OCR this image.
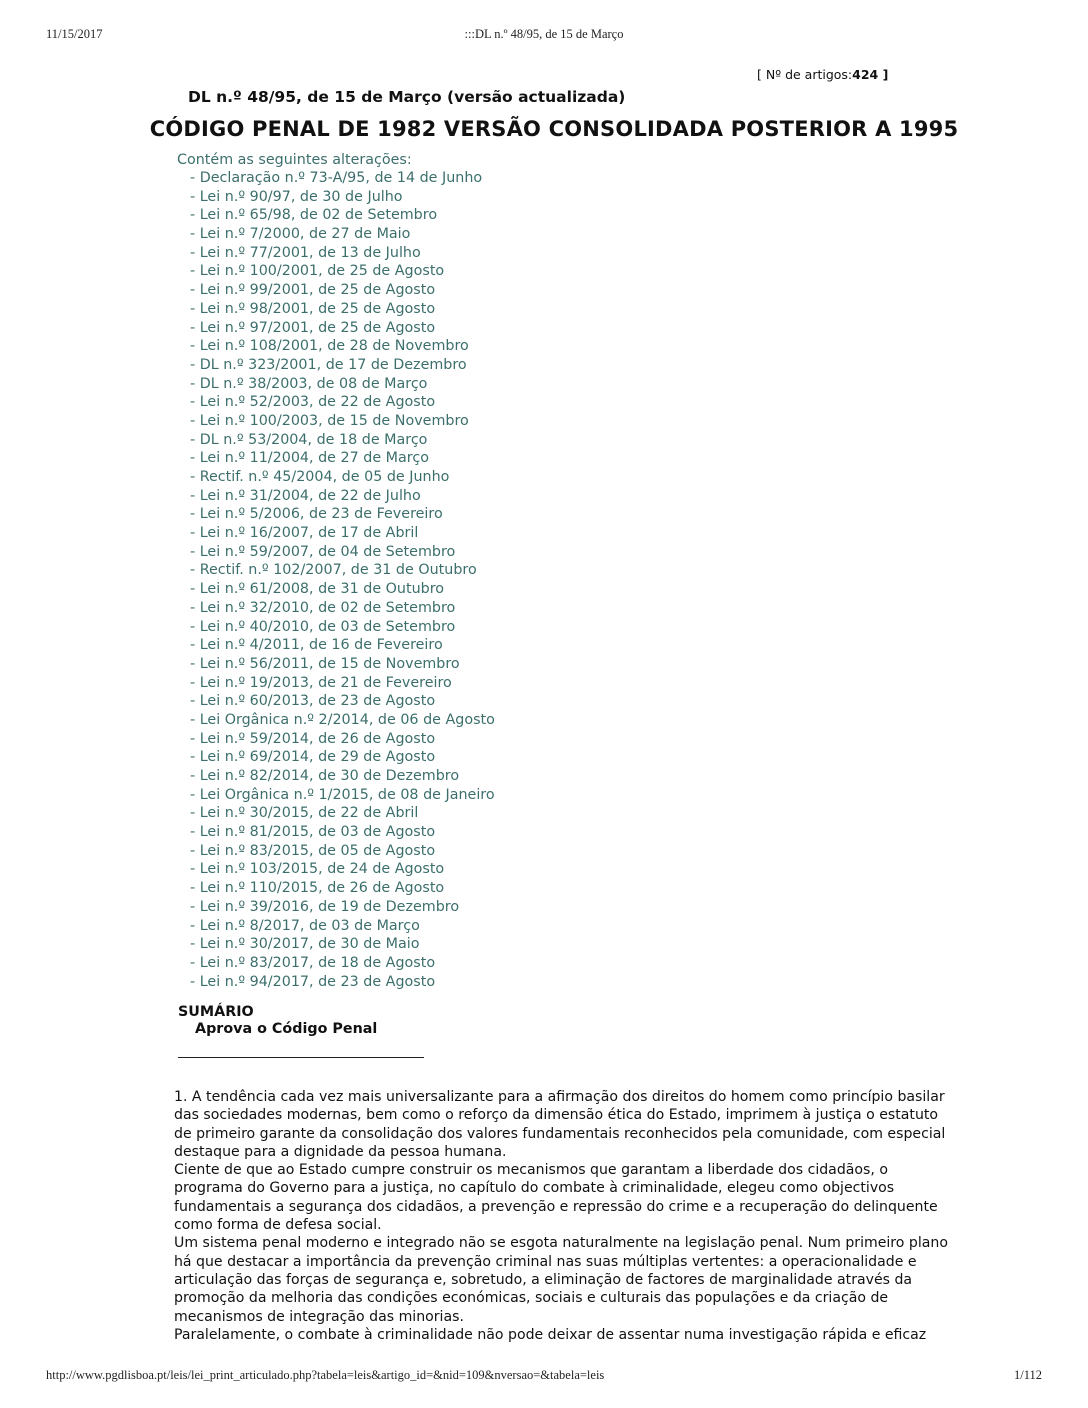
11/15/2017	:::DL n.º 48/95, de 15 de Março
[ Nº de artigos:424 ]
DL n.º 48/95, de 15 de Março (versão actualizada)
CÓDIGO PENAL DE 1982 VERSÃO CONSOLIDADA POSTERIOR A 1995
Contém as seguintes alterações:
- Declaração n.º 73-A/95, de 14 de Junho
- Lei n.º 90/97, de 30 de Julho
- Lei n.º 65/98, de 02 de Setembro
- Lei n.º 7/2000, de 27 de Maio
- Lei n.º 77/2001, de 13 de Julho
- Lei n.º 100/2001, de 25 de Agosto
- Lei n.º 99/2001, de 25 de Agosto
- Lei n.º 98/2001, de 25 de Agosto
- Lei n.º 97/2001, de 25 de Agosto
- Lei n.º 108/2001, de 28 de Novembro
- DL n.º 323/2001, de 17 de Dezembro
- DL n.º 38/2003, de 08 de Março
- Lei n.º 52/2003, de 22 de Agosto
- Lei n.º 100/2003, de 15 de Novembro
- DL n.º 53/2004, de 18 de Março
- Lei n.º 11/2004, de 27 de Março
- Rectif. n.º 45/2004, de 05 de Junho
- Lei n.º 31/2004, de 22 de Julho
- Lei n.º 5/2006, de 23 de Fevereiro
- Lei n.º 16/2007, de 17 de Abril
- Lei n.º 59/2007, de 04 de Setembro
- Rectif. n.º 102/2007, de 31 de Outubro
- Lei n.º 61/2008, de 31 de Outubro
- Lei n.º 32/2010, de 02 de Setembro
- Lei n.º 40/2010, de 03 de Setembro
- Lei n.º 4/2011, de 16 de Fevereiro
- Lei n.º 56/2011, de 15 de Novembro
- Lei n.º 19/2013, de 21 de Fevereiro
- Lei n.º 60/2013, de 23 de Agosto
- Lei Orgânica n.º 2/2014, de 06 de Agosto
- Lei n.º 59/2014, de 26 de Agosto
- Lei n.º 69/2014, de 29 de Agosto
- Lei n.º 82/2014, de 30 de Dezembro
- Lei Orgânica n.º 1/2015, de 08 de Janeiro
- Lei n.º 30/2015, de 22 de Abril
- Lei n.º 81/2015, de 03 de Agosto
- Lei n.º 83/2015, de 05 de Agosto
- Lei n.º 103/2015, de 24 de Agosto
- Lei n.º 110/2015, de 26 de Agosto
- Lei n.º 39/2016, de 19 de Dezembro
- Lei n.º 8/2017, de 03 de Março
- Lei n.º 30/2017, de 30 de Maio
- Lei n.º 83/2017, de 18 de Agosto
- Lei n.º 94/2017, de 23 de Agosto
SUMÁRIO
Aprova o Código Penal

1. A tendência cada vez mais universalizante para a afirmação dos direitos do homem como princípio basilar das sociedades modernas, bem como o reforço da dimensão ética do Estado, imprimem à justiça o estatuto de primeiro garante da consolidação dos valores fundamentais reconhecidos pela comunidade, com especial destaque para a dignidade da pessoa humana.

Ciente de que ao Estado cumpre construir os mecanismos que garantam a liberdade dos cidadãos, o programa do Governo para a justiça, no capítulo do combate à criminalidade, elegeu como objectivos fundamentais a segurança dos cidadãos, a prevenção e repressão do crime e a recuperação do delinquente como forma de defesa social.

Um sistema penal moderno e integrado não se esgota naturalmente na legislação penal. Num primeiro plano há que destacar a importância da prevenção criminal nas suas múltiplas vertentes: a operacionalidade e articulação das forças de segurança e, sobretudo, a eliminação de factores de marginalidade através da promoção da melhoria das condições económicas, sociais e culturais das populações e da criação de mecanismos de integração das minorias.

Paralelamente, o combate à criminalidade não pode deixar de assentar numa investigação rápida e eficaz

http://www.pgdlisboa.pt/leis/lei_print_articulado.php?tabela=leis&artigo_id=&nid=109&nversao=&tabela=leis	1/112
